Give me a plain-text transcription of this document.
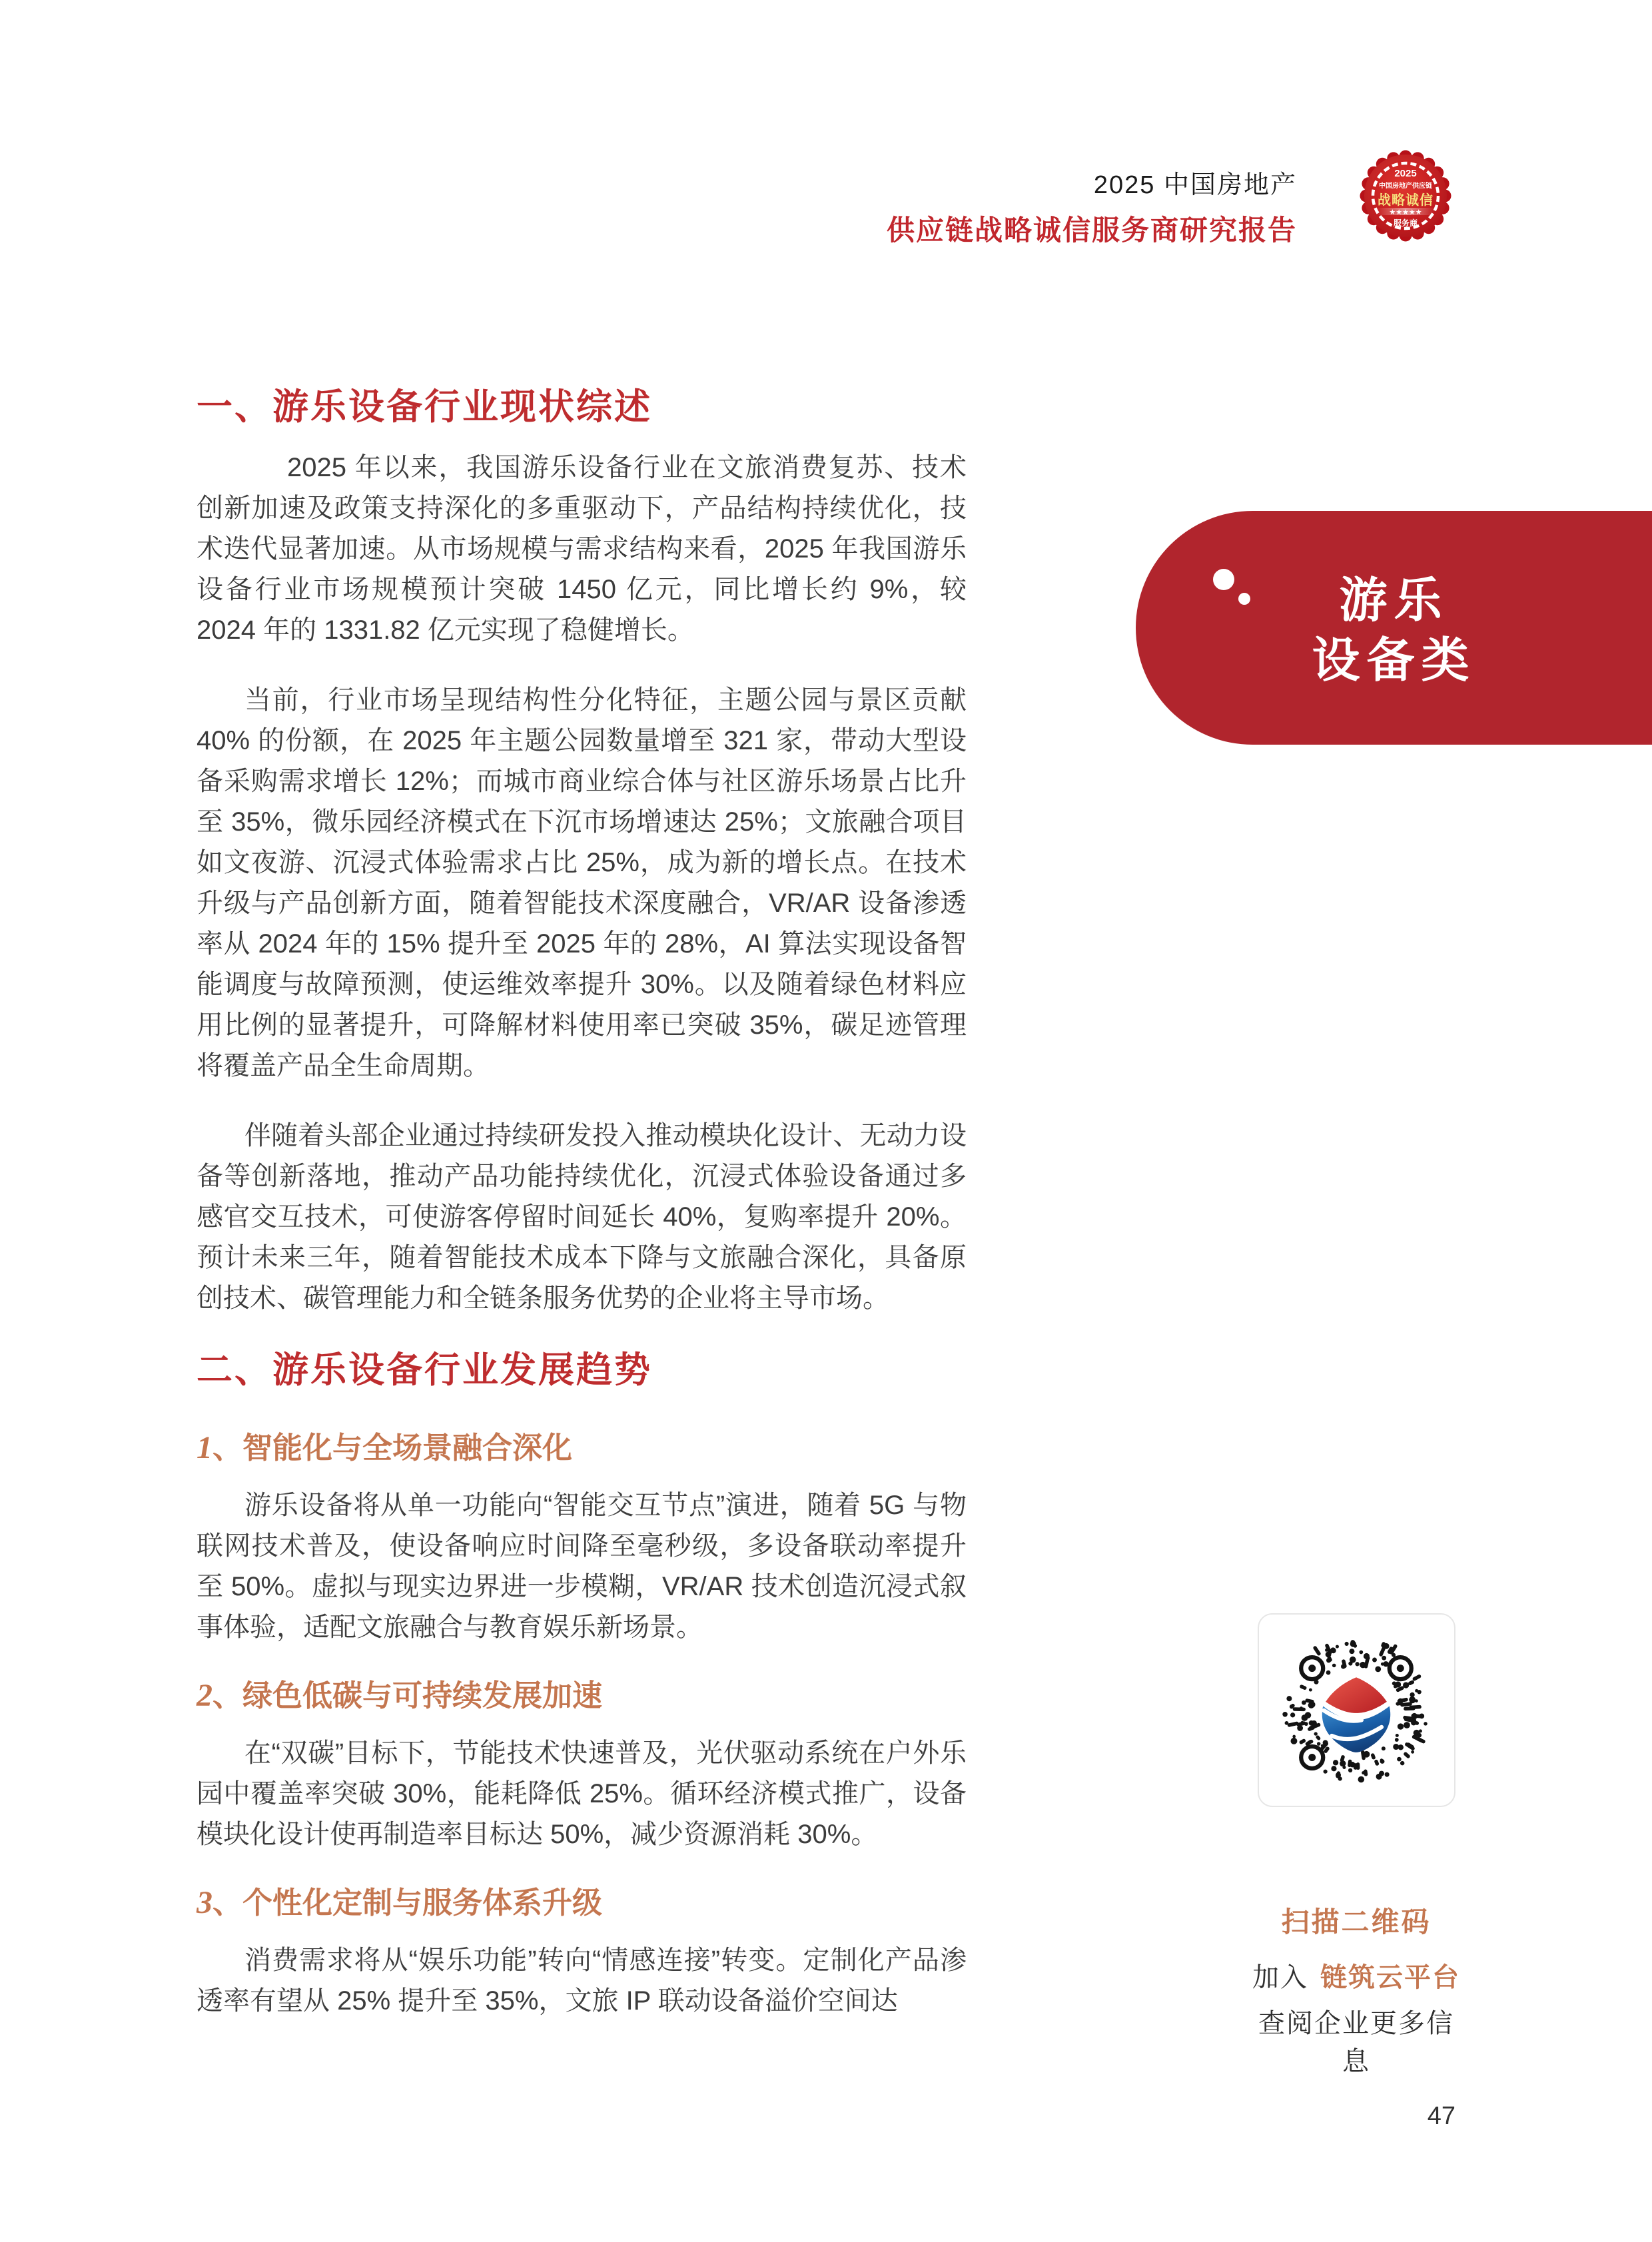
2025 中国房地产
供应链战略诚信服务商研究报告
2025
中国房地产供应链
战略诚信
★★★★★
服务商
游乐
设备类
一、游乐设备行业现状综述

2025 年以来，我国游乐设备行业在文旅消费复苏、技术创新加速及政策支持深化的多重驱动下，产品结构持续优化，技术迭代显著加速。从市场规模与需求结构来看，2025 年我国游乐设备行业市场规模预计突破 1450 亿元，同比增长约 9%，较 2024 年的 1331.82 亿元实现了稳健增长。

当前，行业市场呈现结构性分化特征，主题公园与景区贡献 40% 的份额，在 2025 年主题公园数量增至 321 家，带动大型设备采购需求增长 12%；而城市商业综合体与社区游乐场景占比升至 35%，微乐园经济模式在下沉市场增速达 25%；文旅融合项目如文夜游、沉浸式体验需求占比 25%，成为新的增长点。在技术升级与产品创新方面，随着智能技术深度融合，VR/AR 设备渗透率从 2024 年的 15% 提升至 2025 年的 28%，AI 算法实现设备智能调度与故障预测，使运维效率提升 30%。以及随着绿色材料应用比例的显著提升，可降解材料使用率已突破 35%，碳足迹管理将覆盖产品全生命周期。

伴随着头部企业通过持续研发投入推动模块化设计、无动力设备等创新落地，推动产品功能持续优化，沉浸式体验设备通过多感官交互技术，可使游客停留时间延长 40%，复购率提升 20%。预计未来三年，随着智能技术成本下降与文旅融合深化，具备原创技术、碳管理能力和全链条服务优势的企业将主导市场。

二、游乐设备行业发展趋势
1、智能化与全场景融合深化

游乐设备将从单一功能向“智能交互节点”演进，随着 5G 与物联网技术普及，使设备响应时间降至毫秒级，多设备联动率提升至 50%。虚拟与现实边界进一步模糊，VR/AR 技术创造沉浸式叙事体验，适配文旅融合与教育娱乐新场景。

2、绿色低碳与可持续发展加速

在“双碳”目标下，节能技术快速普及，光伏驱动系统在户外乐园中覆盖率突破 30%，能耗降低 25%。循环经济模式推广，设备模块化设计使再制造率目标达 50%，减少资源消耗 30%。

3、个性化定制与服务体系升级

消费需求将从“娱乐功能”转向“情感连接”转变。定制化产品渗透率有望从 25% 提升至 35%，文旅 IP 联动设备溢价空间达

扫描二维码
加入 链筑云平台
查阅企业更多信息
47
